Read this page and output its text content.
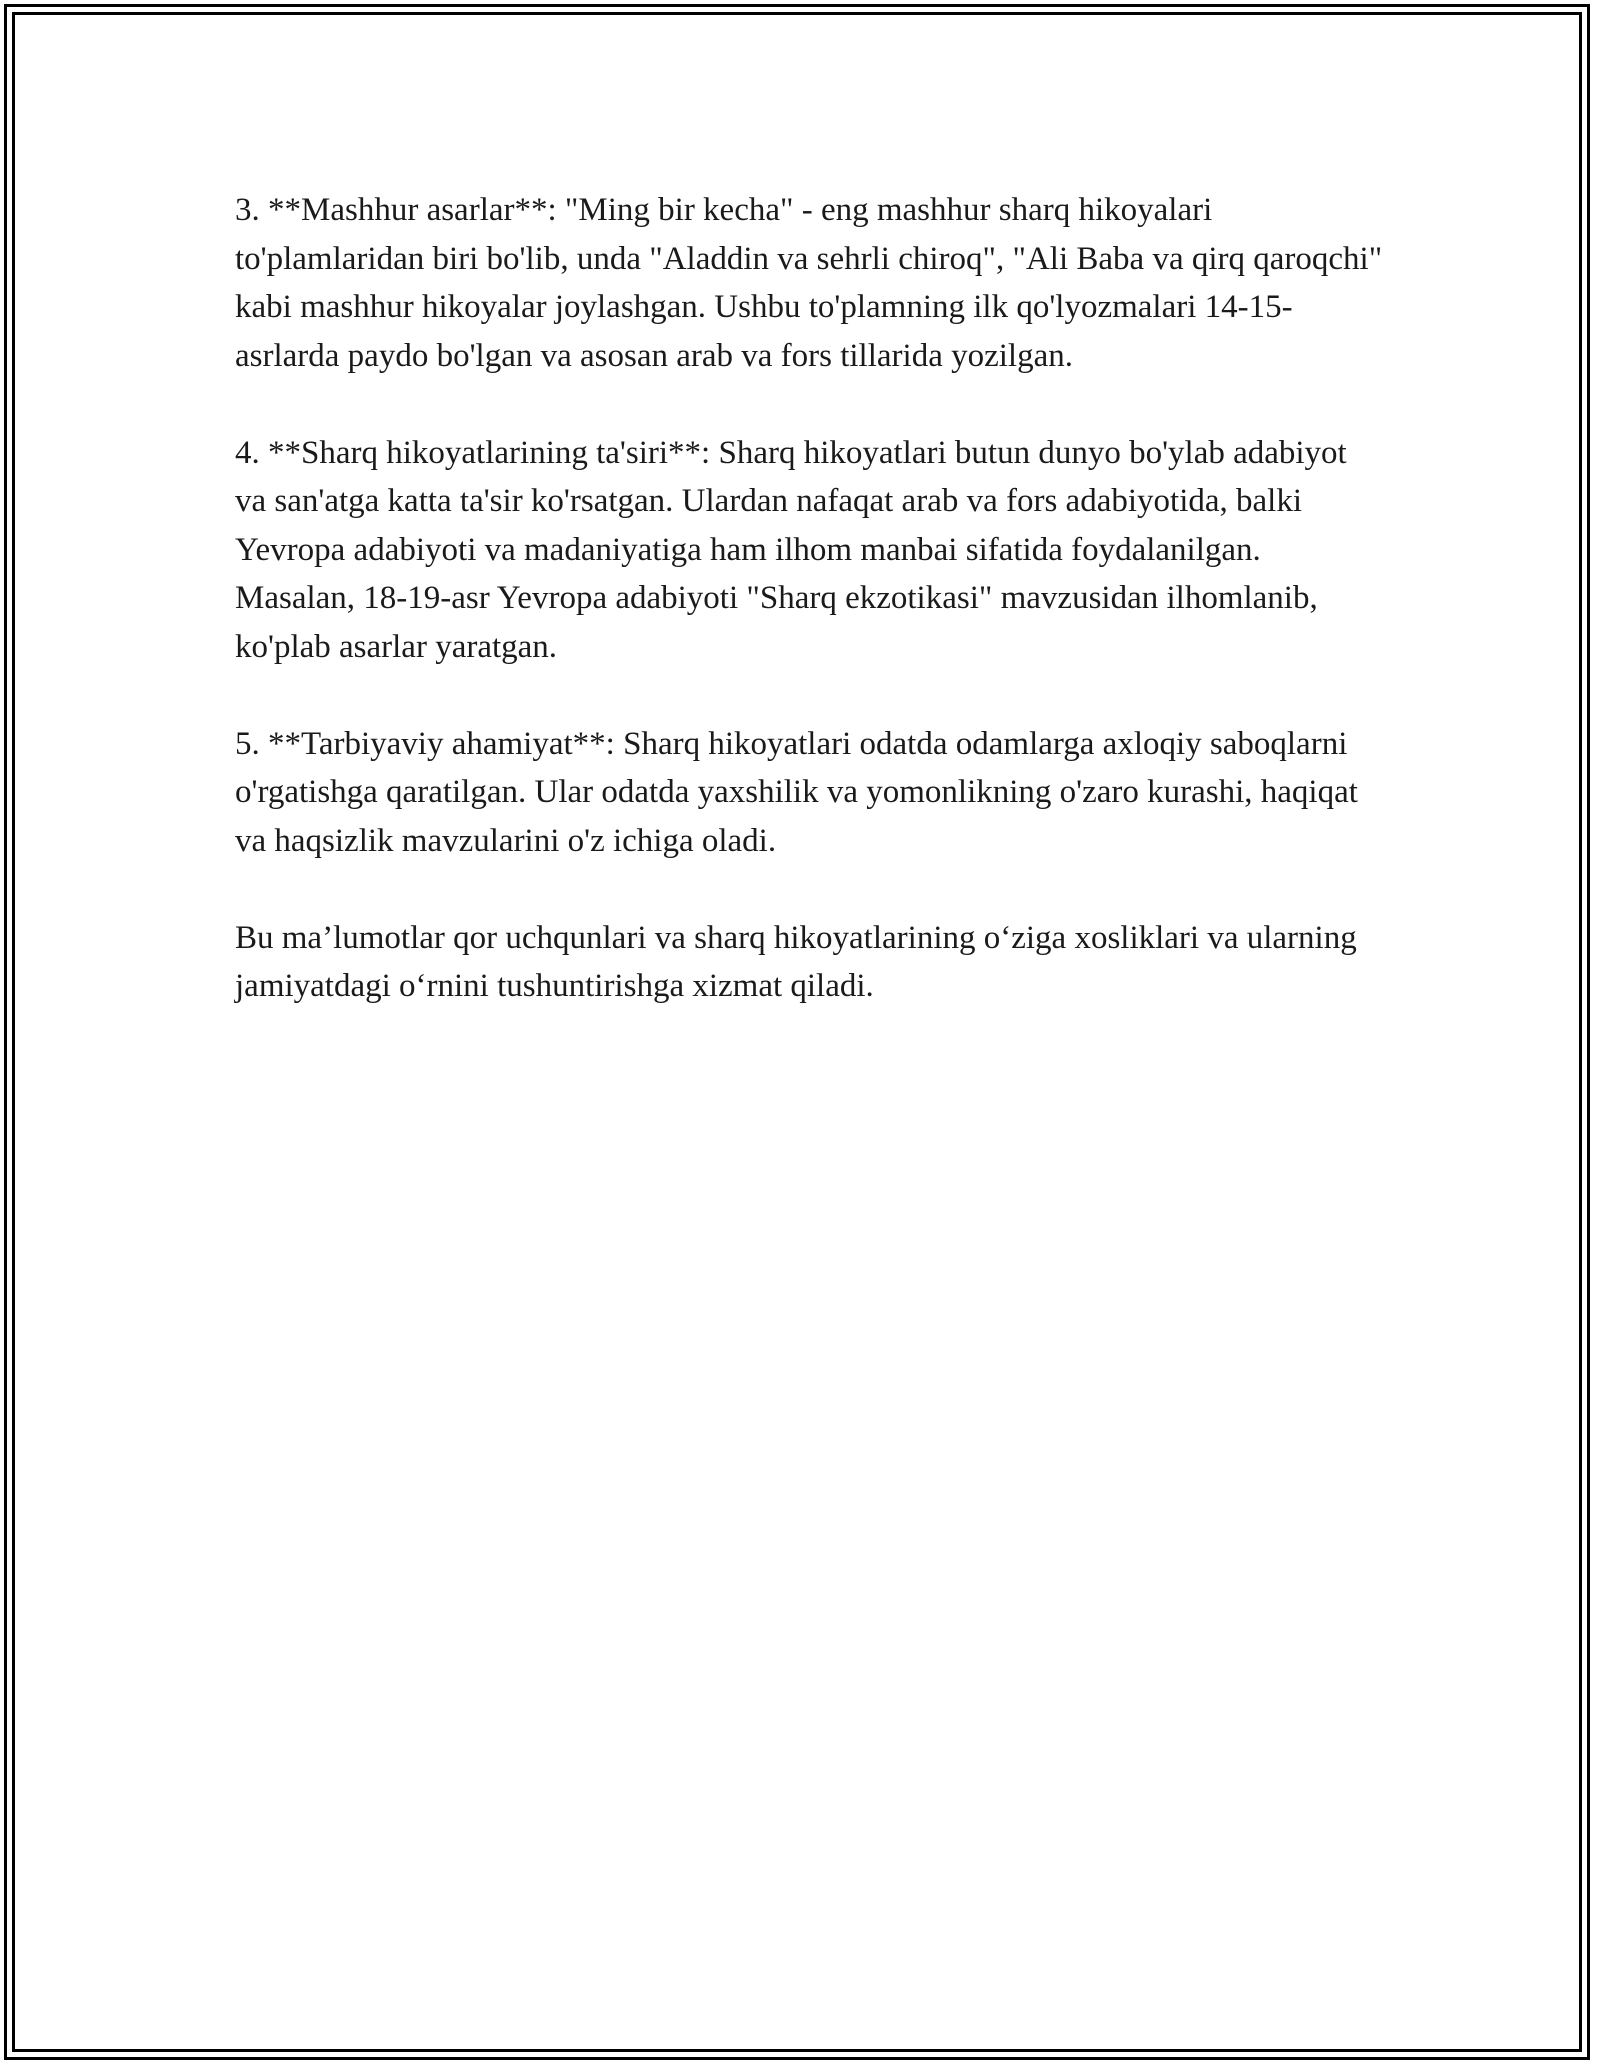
3. **Mashhur asarlar**: "Ming bir kecha" - eng mashhur sharq hikoyalari to'plamlaridan biri bo'lib, unda "Aladdin va sehrli chiroq", "Ali Baba va qirq qaroqchi" kabi mashhur hikoyalar joylashgan. Ushbu to'plamning ilk qo'lyozmalari 14-15-asrlarda paydo bo'lgan va asosan arab va fors tillarida yozilgan.

4. **Sharq hikoyatlarining ta'siri**: Sharq hikoyatlari butun dunyo bo'ylab adabiyot va san'atga katta ta'sir ko'rsatgan. Ulardan nafaqat arab va fors adabiyotida, balki Yevropa adabiyoti va madaniyatiga ham ilhom manbai sifatida foydalanilgan. Masalan, 18-19-asr Yevropa adabiyoti "Sharq ekzotikasi" mavzusidan ilhomlanib, ko'plab asarlar yaratgan.

5. **Tarbiyaviy ahamiyat**: Sharq hikoyatlari odatda odamlarga axloqiy saboqlarni o'rgatishga qaratilgan. Ular odatda yaxshilik va yomonlikning o'zaro kurashi, haqiqat va haqsizlik mavzularini o'z ichiga oladi.

Bu ma’lumotlar qor uchqunlari va sharq hikoyatlarining o‘ziga xosliklari va ularning jamiyatdagi o‘rnini tushuntirishga xizmat qiladi.
